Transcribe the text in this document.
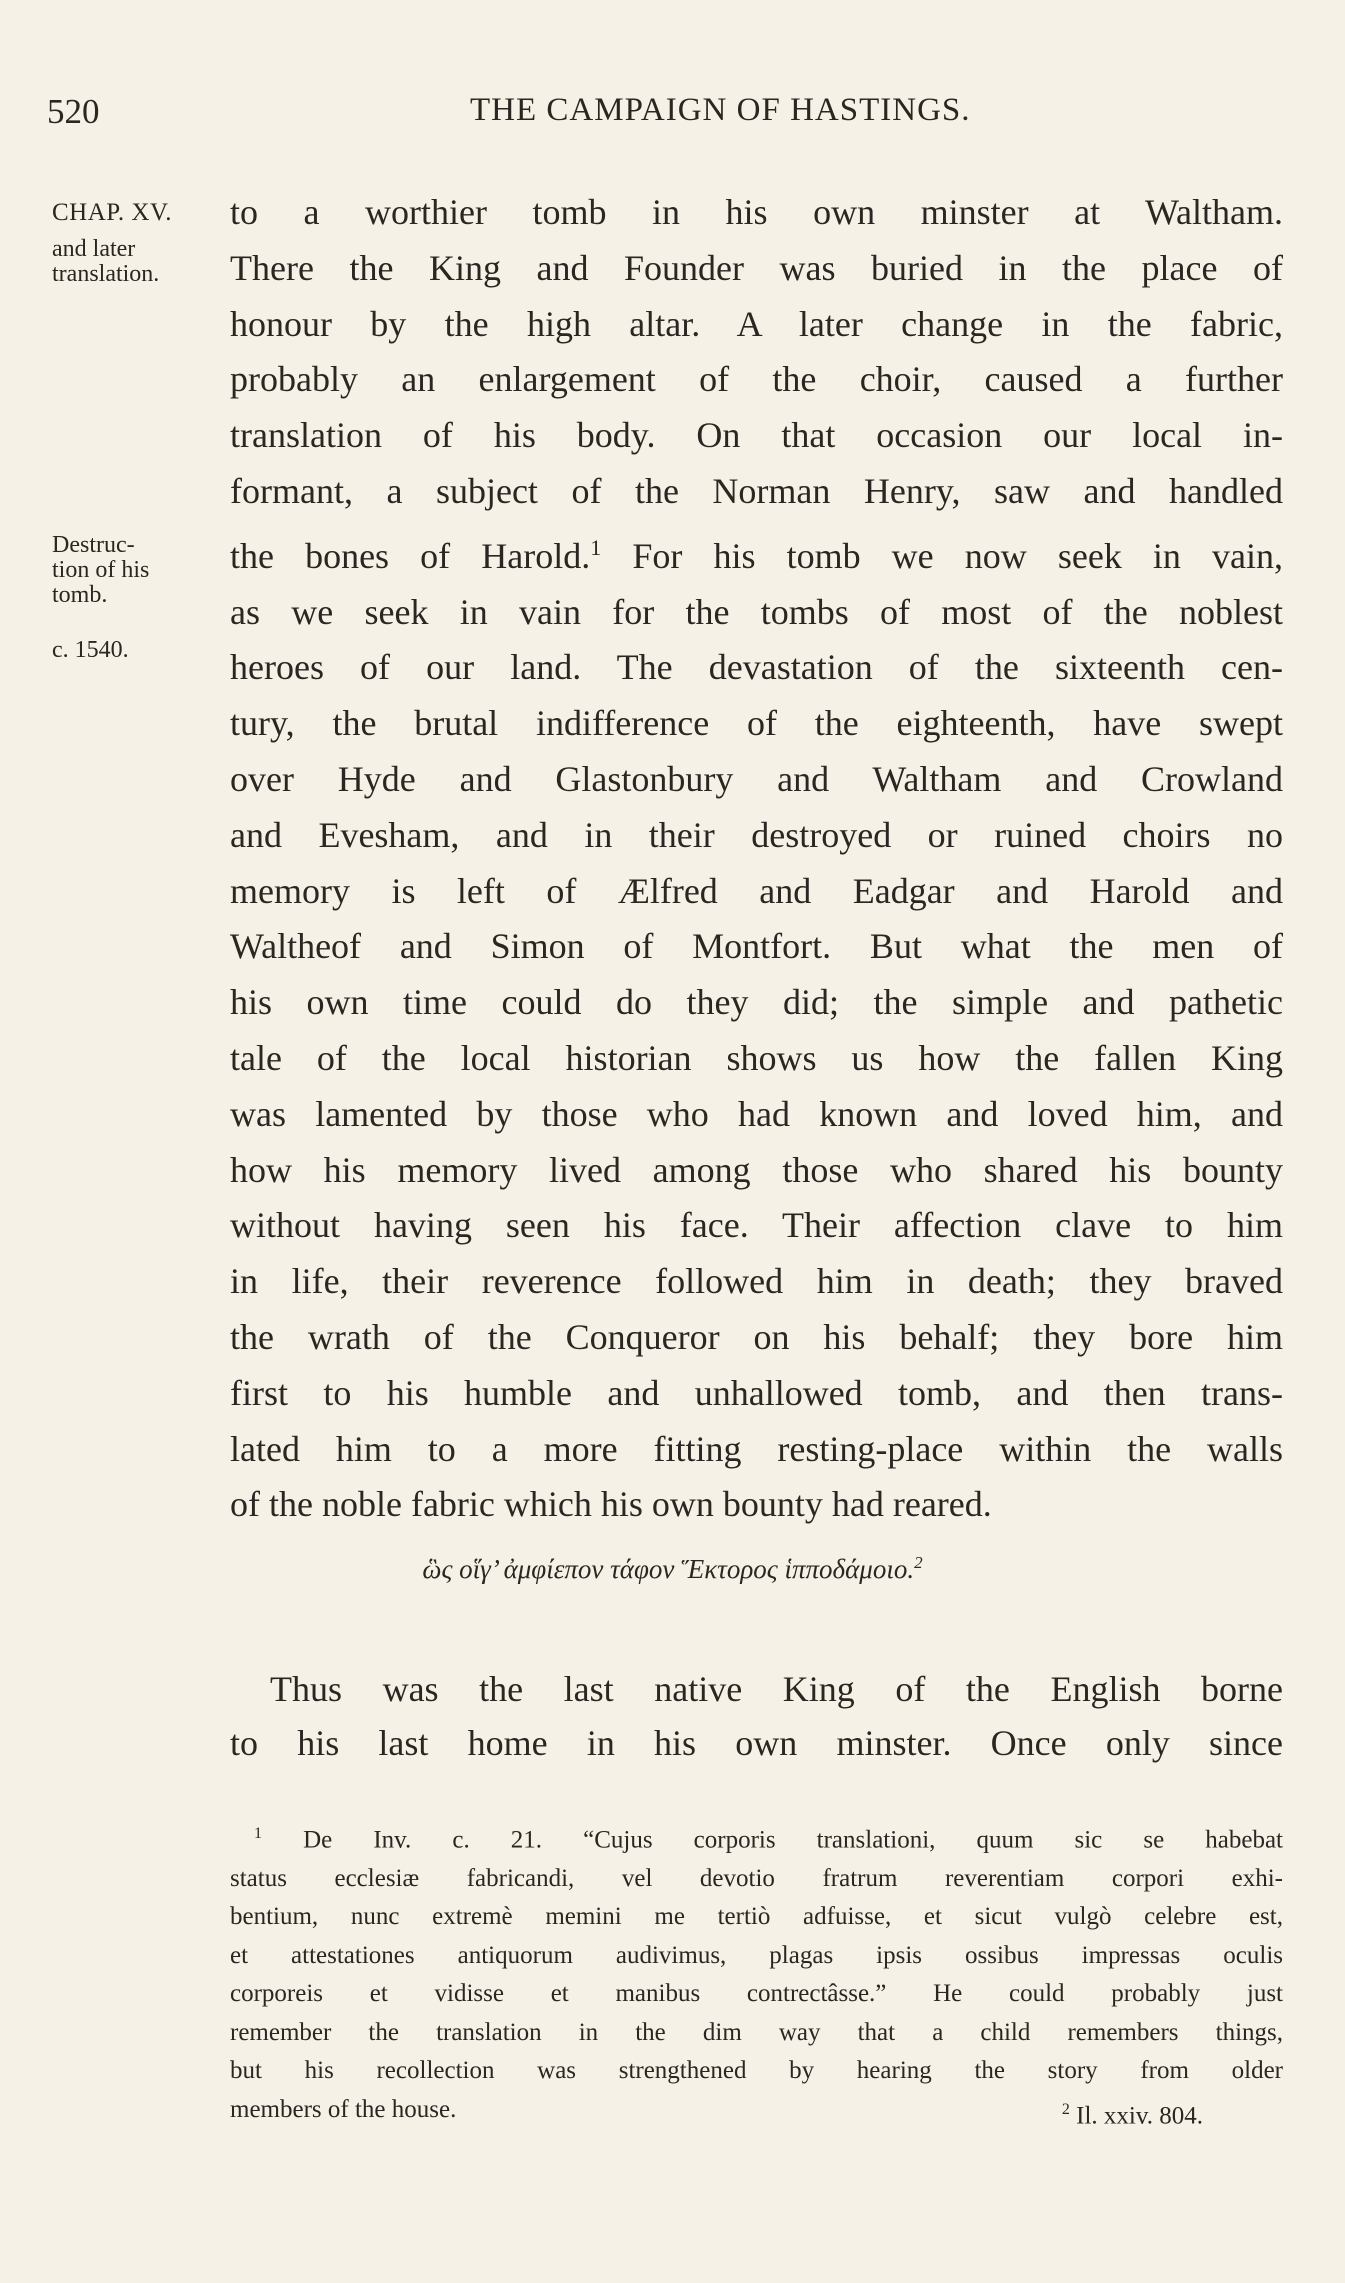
520	THE CAMPAIGN OF HASTINGS.
CHAP. XV.
and later
translation.
Destruc-
tion of his
tomb.
c. 1540.
to a worthier tomb in his own minster at Waltham.
There the King and Founder was buried in the place of
honour by the high altar. A later change in the fabric,
probably an enlargement of the choir, caused a further
translation of his body. On that occasion our local in-
formant, a subject of the Norman Henry, saw and handled
the bones of Harold.$^1$ For his tomb we now seek in vain,
as we seek in vain for the tombs of most of the noblest
heroes of our land. The devastation of the sixteenth cen-
tury, the brutal indifference of the eighteenth, have swept
over Hyde and Glastonbury and Waltham and Crowland
and Evesham, and in their destroyed or ruined choirs no
memory is left of Ælfred and Eadgar and Harold and
Waltheof and Simon of Montfort. But what the men of
his own time could do they did; the simple and pathetic
tale of the local historian shows us how the fallen King
was lamented by those who had known and loved him, and
how his memory lived among those who shared his bounty
without having seen his face. Their affection clave to him
in life, their reverence followed him in death; they braved
the wrath of the Conqueror on his behalf; they bore him
first to his humble and unhallowed tomb, and then trans-
lated him to a more fitting resting-place within the walls
of the noble fabric which his own bounty had reared.
ὣς οἵγ’ ἀμφίεπον τάφον Ἕκτορος ἱπποδάμοιο.$^2$
Thus was the last native King of the English borne
to his last home in his own minster. Once only since
$^1$ De Inv. c. 21. “Cujus corporis translationi, quum sic se habebat
status ecclesiæ fabricandi, vel devotio fratrum reverentiam corpori exhi-
bentium, nunc extremè memini me tertiò adfuisse, et sicut vulgò celebre est,
et attestationes antiquorum audivimus, plagas ipsis ossibus impressas oculis
corporeis et vidisse et manibus contrectâsse.” He could probably just
remember the translation in the dim way that a child remembers things,
but his recollection was strengthened by hearing the story from older
members of the house.	$^2$ Il. xxiv. 804.
